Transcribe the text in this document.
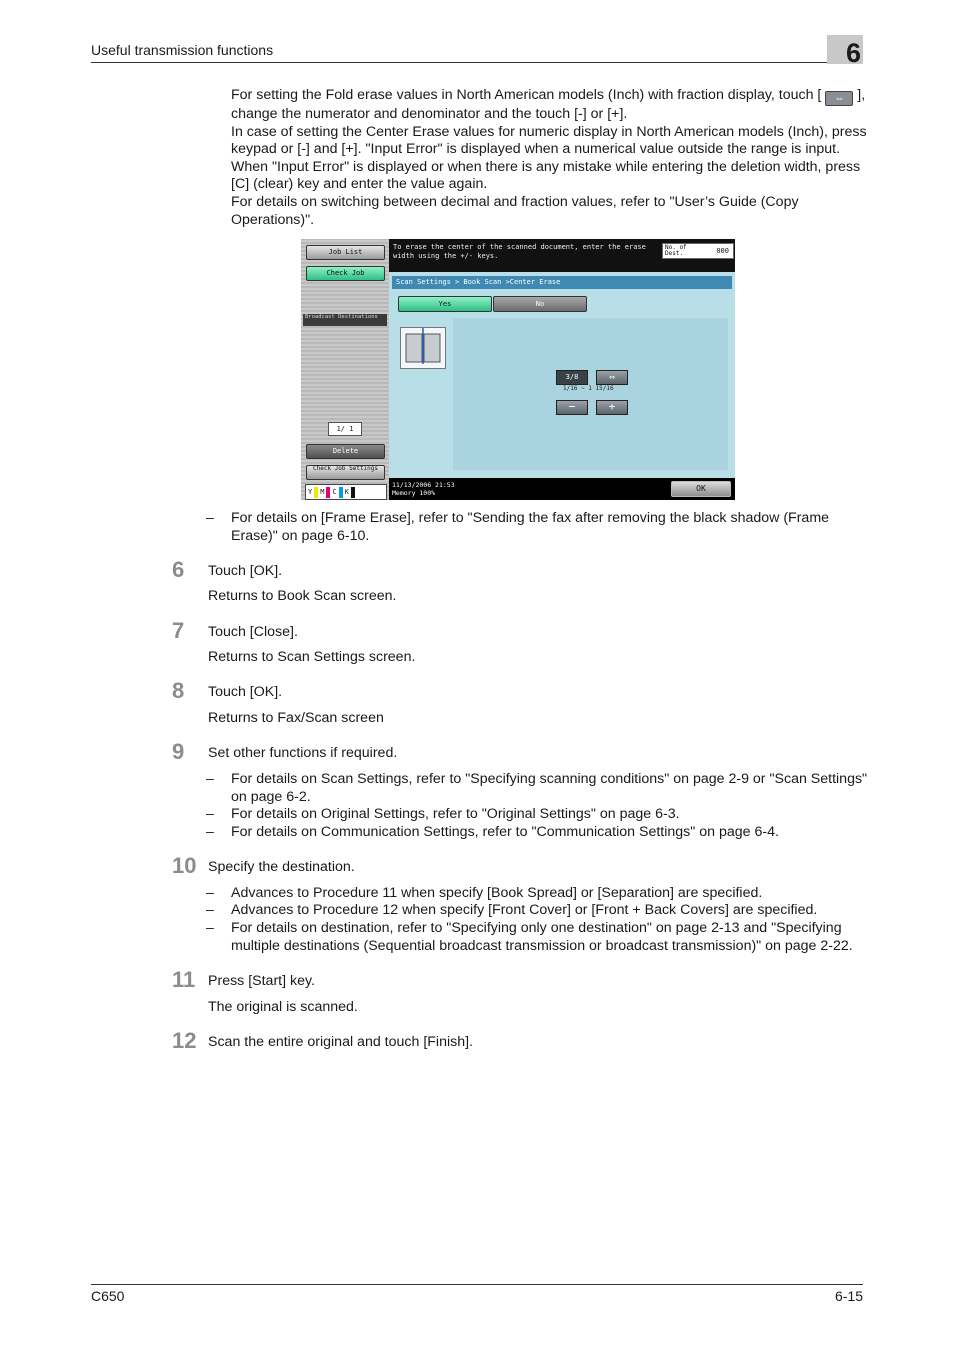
Useful transmission functions	6
For setting the Fold erase values in North American models (Inch) with fraction display, touch [ ⇔ ], change the numerator and denominator and the touch [-] or [+].
In case of setting the Center Erase values for numeric display in North American models (Inch), press keypad or [-] and [+]. "Input Error" is displayed when a numerical value outside the range is input. When "Input Error" is displayed or when there is any mistake while entering the deletion width, press [C] (clear) key and enter the value again.
For details on switching between decimal and fraction values, refer to "User’s Guide (Copy Operations)".
Job List
Check Job
Broadcast Destinations
1/ 1
Delete
Check Job Settings
Y M C K
To erase the center of the scanned document, enter the erase width using the +/- keys.
No. of Dest.	000
Scan Settings > Book Scan >Center Erase
Yes	No
3/8	⇔
1/16 ~ 1 15/16
−	+
11/13/2006 21:53
Memory 100%	OK
– For details on [Frame Erase], refer to "Sending the fax after removing the black shadow (Frame Erase)" on page 6-10.
6 Touch [OK].
Returns to Book Scan screen.
7 Touch [Close].
Returns to Scan Settings screen.
8 Touch [OK].
Returns to Fax/Scan screen
9 Set other functions if required.
– For details on Scan Settings, refer to "Specifying scanning conditions" on page 2-9 or "Scan Settings" on page 6-2.
– For details on Original Settings, refer to "Original Settings" on page 6-3.
– For details on Communication Settings, refer to "Communication Settings" on page 6-4.
10 Specify the destination.
– Advances to Procedure 11 when specify [Book Spread] or [Separation] are specified.
– Advances to Procedure 12 when specify [Front Cover] or [Front + Back Covers] are specified.
– For details on destination, refer to "Specifying only one destination" on page 2-13 and "Specifying multiple destinations (Sequential broadcast transmission or broadcast transmission)" on page 2-22.
11 Press [Start] key.
The original is scanned.
12 Scan the entire original and touch [Finish].
C650	6-15
